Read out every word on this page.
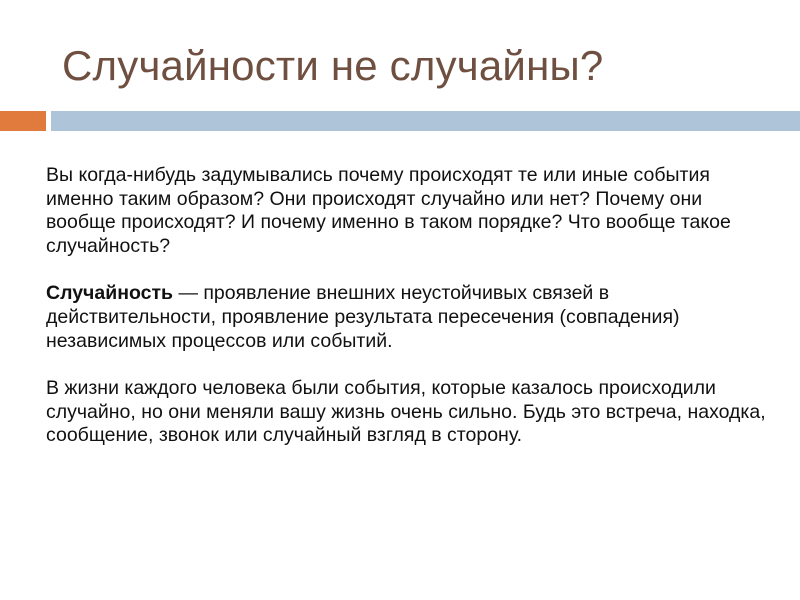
Случайности не случайны?

Вы когда-нибудь задумывались почему происходят те или иные события именно таким образом? Они происходят случайно или нет? Почему они вообще происходят? И почему именно в таком порядке? Что вообще такое случайность?

Случайность — проявление внешних неустойчивых связей в действительности, проявление результата пересечения (совпадения) независимых процессов или событий.

В жизни каждого человека были события, которые казалось происходили случайно, но они меняли вашу жизнь очень сильно. Будь это встреча, находка, сообщение, звонок или случайный взгляд в сторону.
